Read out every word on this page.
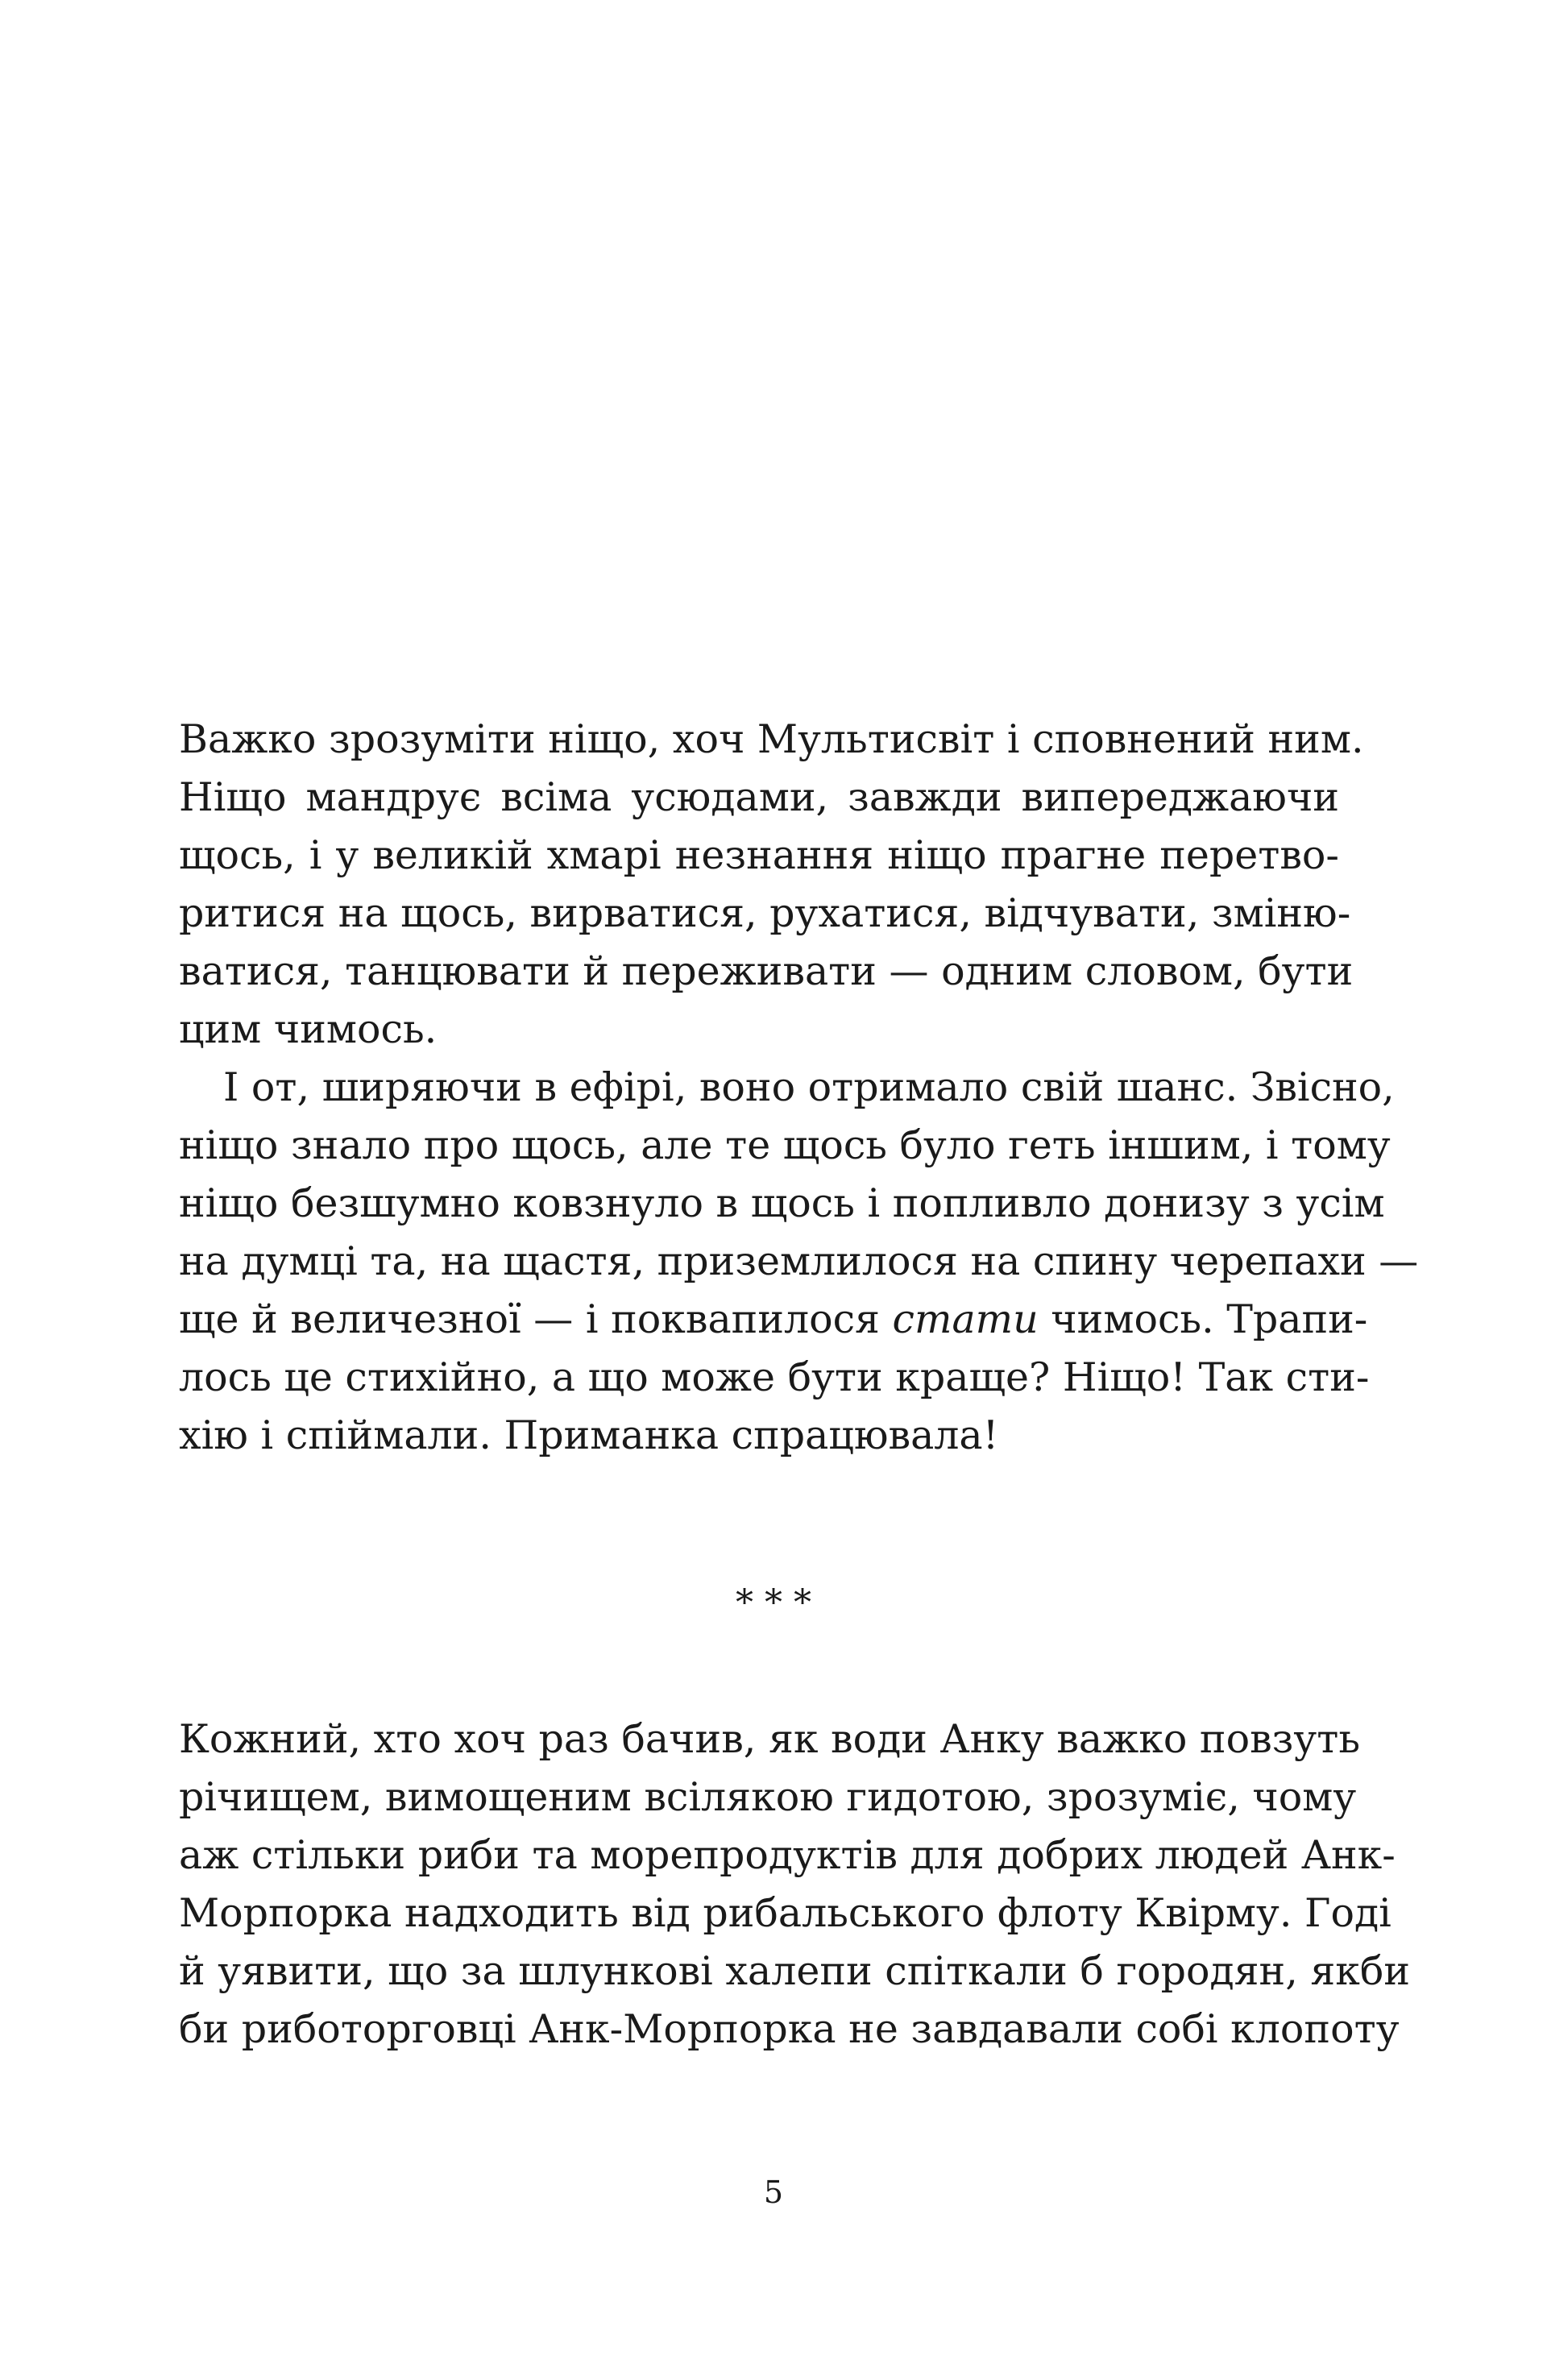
Важко зрозуміти ніщо, хоч Мультисвіт і сповнений ним.
Ніщо мандрує всіма усюдами, завжди випереджаючи
щось, і у великій хмарі незнання ніщо прагне перетво-
ритися на щось, вирватися, рухатися, відчувати, зміню-
ватися, танцювати й переживати — одним словом, бути
цим чимось.

І от, ширяючи в ефірі, воно отримало свій шанс. Звісно,
ніщо знало про щось, але те щось було геть іншим, і тому
ніщо безшумно ковзнуло в щось і попливло донизу з усім
на думці та, на щастя, приземлилося на спину черепахи —
ще й величезної — і поквапилося стати чимось. Трапи-
лось це стихійно, а що може бути краще? Ніщо! Так сти-
хію і спіймали. Приманка спрацювала!

* * *

Кожний, хто хоч раз бачив, як води Анку важко повзуть
річищем, вимощеним всілякою гидотою, зрозуміє, чому
аж стільки риби та морепродуктів для добрих людей Анк-
Морпорка надходить від рибальського флоту Квірму. Годі
й уявити, що за шлункові халепи спіткали б городян, якби
би риботорговці Анк-Морпорка не завдавали собі клопоту

5
